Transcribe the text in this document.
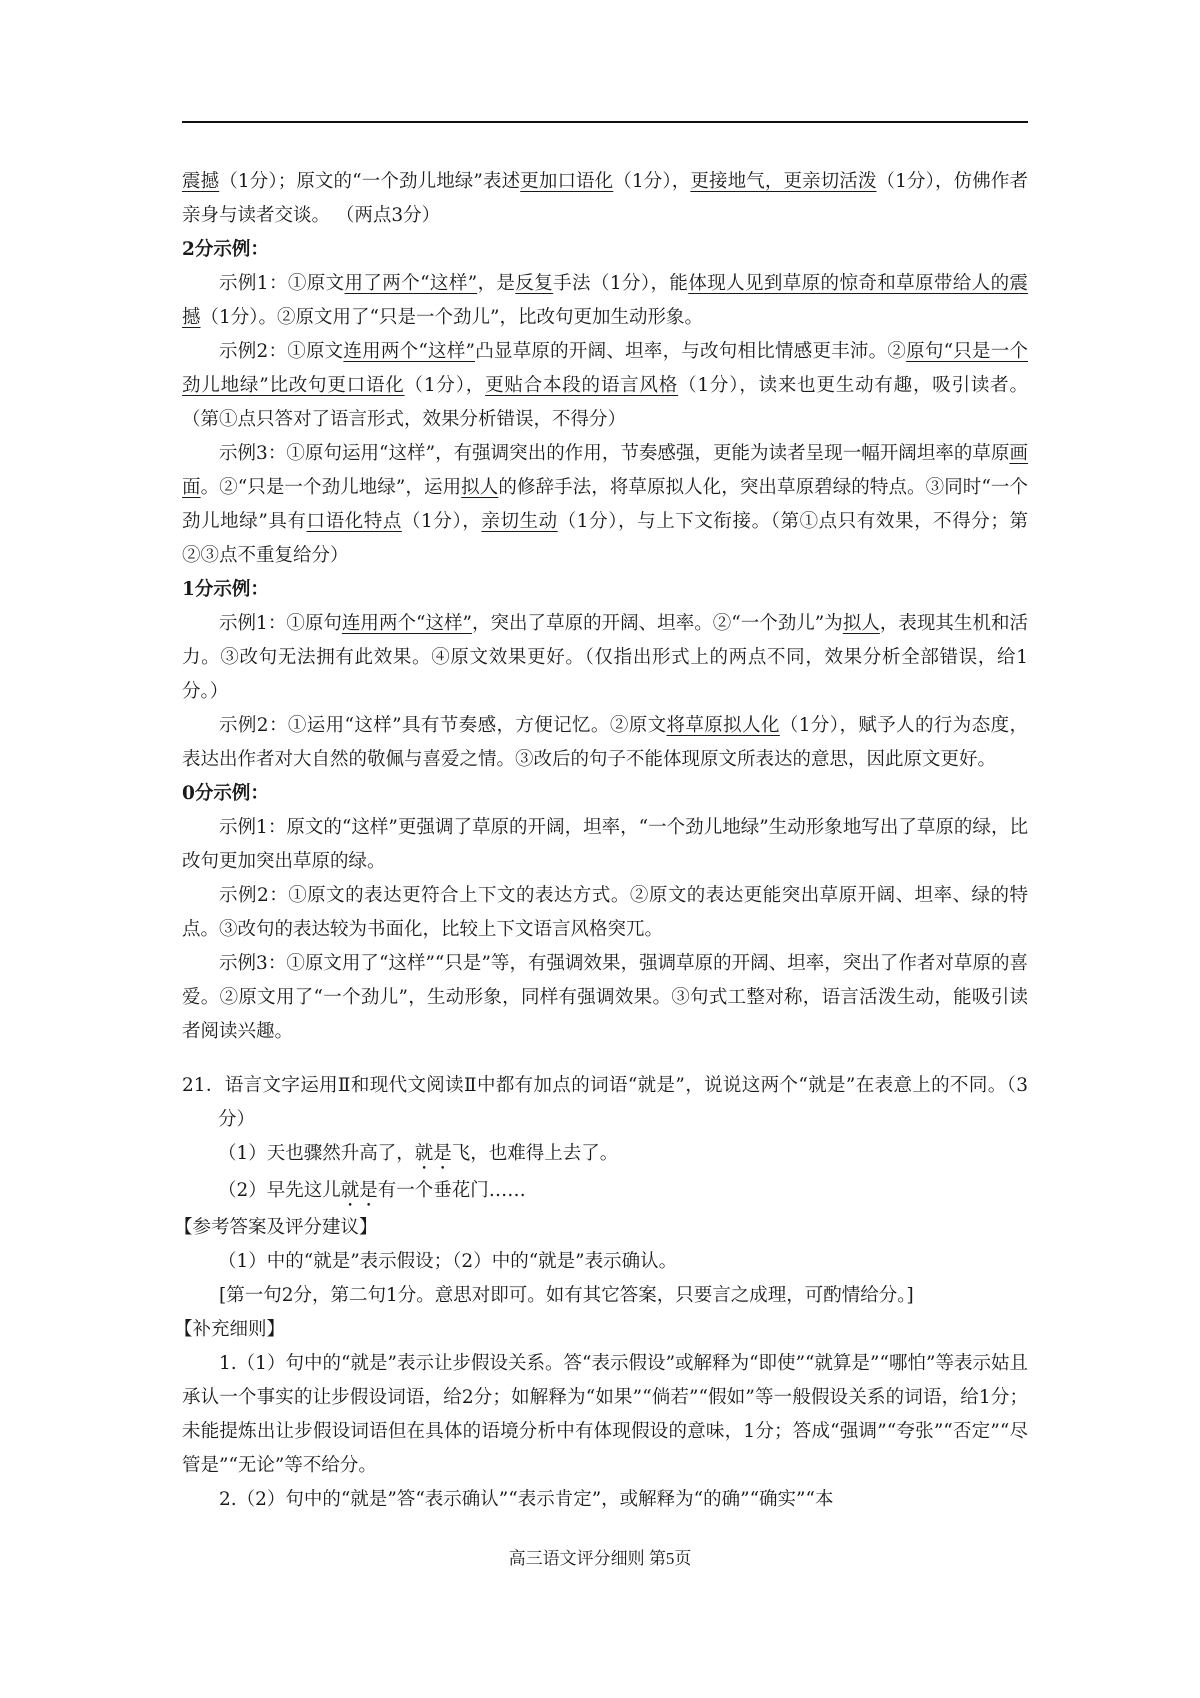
震撼（1分）；原文的“一个劲儿地绿”表述更加口语化（1分），更接地气，更亲切活泼（1分），仿佛作者亲身与读者交谈。 （两点3分）

2分示例：

示例1：①原文用了两个“这样”，是反复手法（1分），能体现人见到草原的惊奇和草原带给人的震撼（1分）。②原文用了“只是一个劲儿”，比改句更加生动形象。

示例2：①原文连用两个“这样”凸显草原的开阔、坦率，与改句相比情感更丰沛。②原句“只是一个劲儿地绿”比改句更口语化（1分），更贴合本段的语言风格（1分），读来也更生动有趣，吸引读者。 （第①点只答对了语言形式，效果分析错误，不得分）

示例3：①原句运用“这样”，有强调突出的作用，节奏感强，更能为读者呈现一幅开阔坦率的草原画面。②“只是一个劲儿地绿”，运用拟人的修辞手法，将草原拟人化，突出草原碧绿的特点。③同时“一个劲儿地绿”具有口语化特点（1分），亲切生动（1分），与上下文衔接。（第①点只有效果，不得分；第②③点不重复给分）

1分示例：

示例1：①原句连用两个“这样”，突出了草原的开阔、坦率。②“一个劲儿”为拟人，表现其生机和活力。③改句无法拥有此效果。④原文效果更好。（仅指出形式上的两点不同，效果分析全部错误，给1分。）

示例2：①运用“这样”具有节奏感，方便记忆。②原文将草原拟人化（1分），赋予人的行为态度，表达出作者对大自然的敬佩与喜爱之情。③改后的句子不能体现原文所表达的意思，因此原文更好。

0分示例：

示例1：原文的“这样”更强调了草原的开阔，坦率，“一个劲儿地绿”生动形象地写出了草原的绿，比改句更加突出草原的绿。

示例2：①原文的表达更符合上下文的表达方式。②原文的表达更能突出草原开阔、坦率、绿的特点。③改句的表达较为书面化，比较上下文语言风格突兀。

示例3：①原文用了“这样”“只是”等，有强调效果，强调草原的开阔、坦率，突出了作者对草原的喜爱。②原文用了“一个劲儿”，生动形象，同样有强调效果。③句式工整对称，语言活泼生动，能吸引读者阅读兴趣。

21．语言文字运用Ⅱ和现代文阅读Ⅱ中都有加点的词语“就是”，说说这两个“就是”在表意上的不同。（3分）

（1）天也骤然升高了，就是飞，也难得上去了。

（2）早先这儿就是有一个垂花门……

【参考答案及评分建议】

（1）中的“就是”表示假设；（2）中的“就是”表示确认。

[第一句2分，第二句1分。意思对即可。如有其它答案，只要言之成理，可酌情给分。]

【补充细则】

1.（1）句中的“就是”表示让步假设关系。答“表示假设”或解释为“即使”“就算是”“哪怕”等表示姑且承认一个事实的让步假设词语，给2分；如解释为“如果”“倘若”“假如”等一般假设关系的词语，给1分；未能提炼出让步假设词语但在具体的语境分析中有体现假设的意味，1分；答成“强调”“夸张”“否定”“尽管是”“无论”等不给分。

2.（2）句中的“就是”答“表示确认”“表示肯定”，或解释为“的确”“确实”“本

高三语文评分细则 第5页
